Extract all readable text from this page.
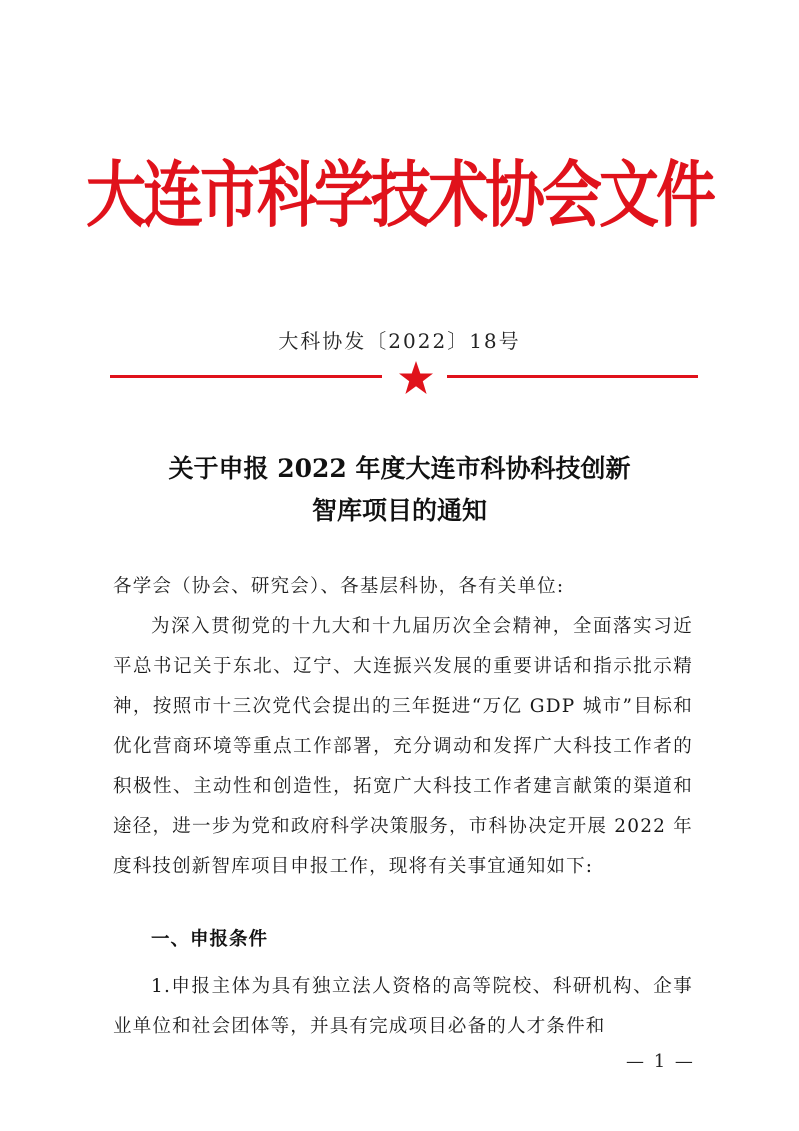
大连市科学技术协会文件
大科协发〔2022〕18号
关于申报 2022 年度大连市科协科技创新
智库项目的通知
各学会（协会、研究会）、各基层科协，各有关单位:
为深入贯彻党的十九大和十九届历次全会精神，全面落实习近平总书记关于东北、辽宁、大连振兴发展的重要讲话和指示批示精神，按照市十三次党代会提出的三年挺进“万亿 GDP 城市”目标和优化营商环境等重点工作部署，充分调动和发挥广大科技工作者的积极性、主动性和创造性，拓宽广大科技工作者建言献策的渠道和途径，进一步为党和政府科学决策服务，市科协决定开展 2022 年度科技创新智库项目申报工作，现将有关事宜通知如下:
一、申报条件
1.申报主体为具有独立法人资格的高等院校、科研机构、企事业单位和社会团体等，并具有完成项目必备的人才条件和
— 1 —
